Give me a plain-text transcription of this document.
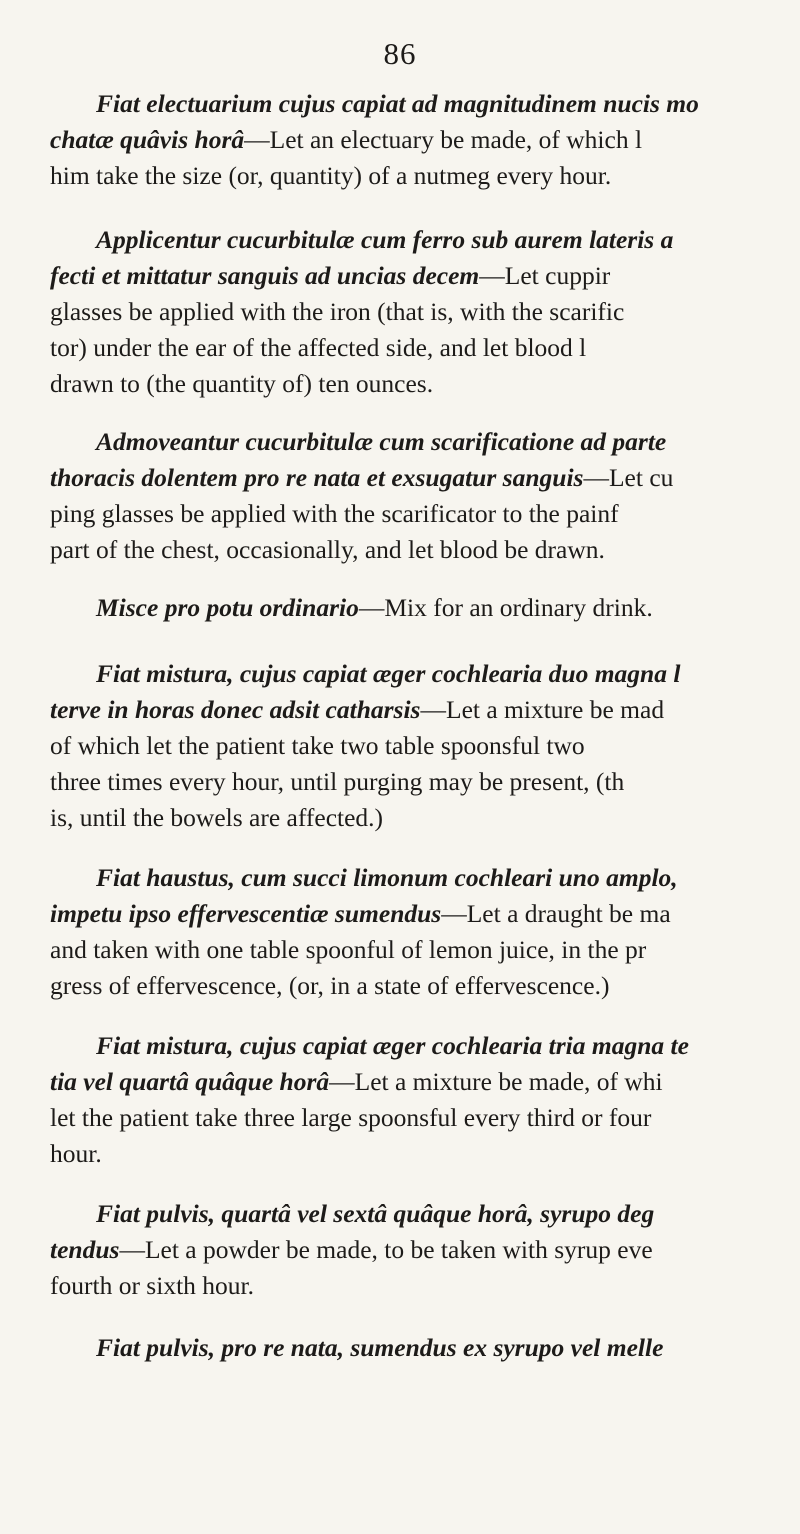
86
Fiat electuarium cujus capiat ad magnitudinem nucis mo
chatæ quâvis horâ—Let an electuary be made, of which l
him take the size (or, quantity) of a nutmeg every hour.
Applicentur cucurbitulæ cum ferro sub aurem lateris a
fecti et mittatur sanguis ad uncias decem—Let cuppir
glasses be applied with the iron (that is, with the scarific
tor) under the ear of the affected side, and let blood l
drawn to (the quantity of) ten ounces.
Admoveantur cucurbitulæ cum scarificatione ad parte
thoracis dolentem pro re nata et exsugatur sanguis—Let cu
ping glasses be applied with the scarificator to the painf
part of the chest, occasionally, and let blood be drawn.
Misce pro potu ordinario—Mix for an ordinary drink.
Fiat mistura, cujus capiat æger cochlearia duo magna l
terve in horas donec adsit catharsis—Let a mixture be mad
of which let the patient take two table spoonsful two
three times every hour, until purging may be present, (th
is, until the bowels are affected.)
Fiat haustus, cum succi limonum cochleari uno amplo,
impetu ipso effervescentiæ sumendus—Let a draught be ma
and taken with one table spoonful of lemon juice, in the pr
gress of effervescence, (or, in a state of effervescence.)
Fiat mistura, cujus capiat æger cochlearia tria magna te
tia vel quartâ quâque horâ—Let a mixture be made, of whi
let the patient take three large spoonsful every third or four
hour.
Fiat pulvis, quartâ vel sextâ quâque horâ, syrupo deg
tendus—Let a powder be made, to be taken with syrup eve
fourth or sixth hour.
Fiat pulvis, pro re nata, sumendus ex syrupo vel melle
